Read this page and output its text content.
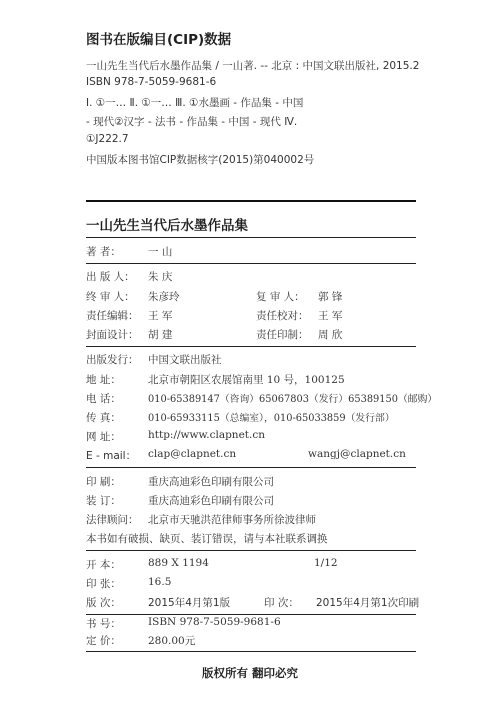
图书在版编目(CIP)数据
一山先生当代后水墨作品集 / 一山著. -- 北京 : 中国文联出版社, 2015.2
ISBN 978-7-5059-9681-6
Ⅰ. ①一… Ⅱ. ①一… Ⅲ. ①水墨画 - 作品集 - 中国
- 现代②汉字 - 法书 - 作品集 - 中国 - 现代 Ⅳ.
①J222.7
中国版本图书馆CIP数据核字(2015)第040002号
一山先生当代后水墨作品集
著 者：	一 山
出 版 人： 朱 庆
终 审 人： 朱彦玲	复 审 人： 郭 锋
责任编辑： 王 军	责任校对： 王 军
封面设计： 胡 建	责任印制： 周 欣
出版发行： 中国文联出版社
地 址：	北京市朝阳区农展馆南里 10 号，100125
电 话：	010-65389147（咨询）65067803（发行）65389150（邮购）
传 真：	010-65933115（总编室），010-65033859（发行部）
网 址：	http://www.clapnet.cn
E - mail： clap@clapnet.cn	wangj@clapnet.cn
印 刷：	重庆高迪彩色印刷有限公司
装 订：	重庆高迪彩色印刷有限公司
法律顾问： 北京市天驰洪范律师事务所徐波律师
本书如有破损、缺页、装订错误，请与本社联系调换
开 本：	889 X 1194	1/12
印 张：	16.5
版 次：	2015年4月第1版	印 次： 2015年4月第1次印刷
书 号：	ISBN 978-7-5059-9681-6
定 价：	280.00元
版权所有 翻印必究
